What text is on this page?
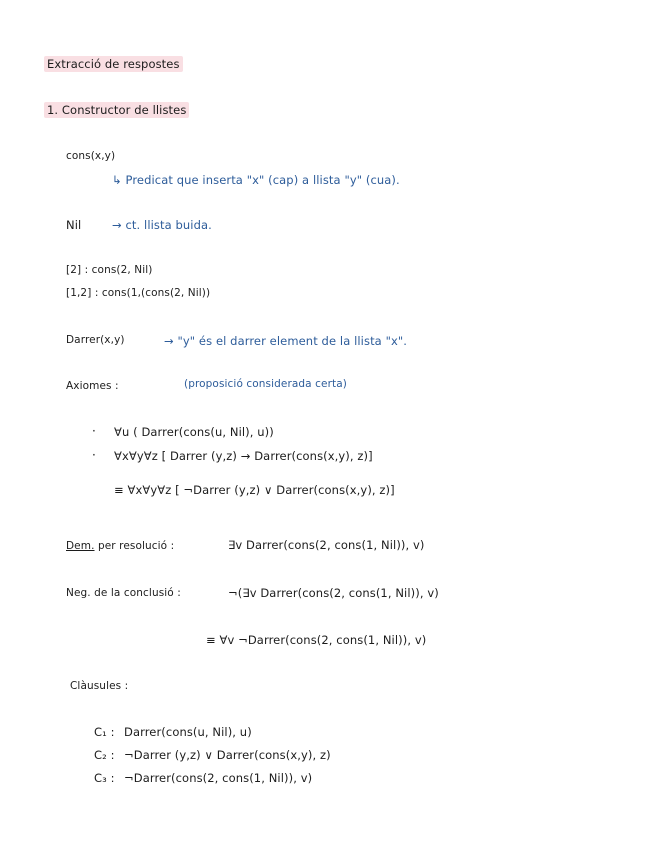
Extracció de respostes
1. Constructor de llistes
cons(x,y)
↳ Predicat que inserta "x" (cap) a llista "y" (cua).
Nil	→ ct. llista buida.
[2] : cons(2, Nil)
[1,2] : cons(1,(cons(2, Nil))
Darrer(x,y)	→ "y" és el darrer element de la llista "x".
Axiomes :	(proposició considerada certa)
· ∀u ( Darrer(cons(u, Nil), u))
· ∀x∀y∀z [ Darrer (y,z) → Darrer(cons(x,y), z)]
≡ ∀x∀y∀z [ ¬Darrer (y,z) ∨ Darrer(cons(x,y), z)]
Dem. per resolució :	∃v Darrer(cons(2, cons(1, Nil)), v)
Neg. de la conclusió :	¬(∃v Darrer(cons(2, cons(1, Nil)), v)
≡ ∀v ¬Darrer(cons(2, cons(1, Nil)), v)
Clàusules :
C₁ : Darrer(cons(u, Nil), u)
C₂ : ¬Darrer (y,z) ∨ Darrer(cons(x,y), z)
C₃ : ¬Darrer(cons(2, cons(1, Nil)), v)
